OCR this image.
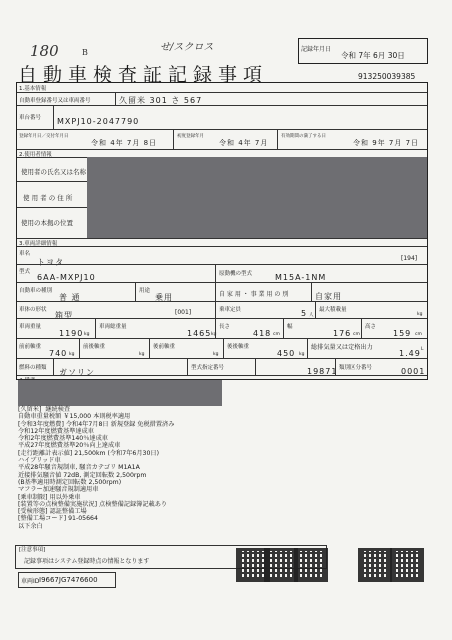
180	B	せ/スクロス	記録年月日
令和 7年 6月 30日
自動車検査証記録事項	913250039385
1.基本情報
自動車登録番号又は車両番号	久留米 301 さ 567
車台番号 MXPJ10-2047790
登録年月日／交付年月日
令和 4年 7月 8日
初度登録年月
令和 4年 7月
有効期間の満了する日
令和 9年 7月 7日
2.使用者情報
使用者の氏名又は名称
使 用 者 の 住 所
使用の本拠の位置
3.車両詳細情報
車名
トヨタ	[194]
型式
6AA-MXPJ10	原動機の型式	M15A-1NM
自動車の種別
普 通
用途
乗用	自 家 用 ・ 事 業 用 の 別	自家用
車体の形状
箱型	[001]	乗車定員	5 人
最大積載量
kg
車両重量
1190 kg
車両総重量
1465 kg
長さ
418 cm
幅
176 cm
高さ
159 cm
前前軸重
740 kg
前後軸重
kg
後前軸重
kg
後後軸重
450 kg
総排気量又は定格出力
1.49 L
燃料の種類 ガソリン	型式指定番号	19871 類別区分番号	0001
[久留米]  継続検査
自動車重量税額 ￥15,000 本則税率適用
[令和3年度燃費] 令和4年7月8日 新規登録 免税措置済み
令和12年度燃費基準達成車
令和2年度燃費基準140％達成車
平成27年度燃費基準20％向上達成車
[走行距離計表示値] 21,500km (令和7年6月30日)
ハイブリッド車
平成28年騒音規制車, 騒音カテゴリ M1A1A
近接排気騒音値 72dB, 測定回転数 2,500rpm
(B基準適用時測定回転数 2,500rpm)
マフラー加速騒音規制適用車
[乗車制限] 用以外乗車
[装置等の点検整備実施状況] 点検整備記録簿記載あり
[受検形態] 認証整備工場
[整備工場コード] 91-05664
以下余白
[注意事項]
記録事項はシステム登録時点の情報となります
車両ID I9667JG7476600
